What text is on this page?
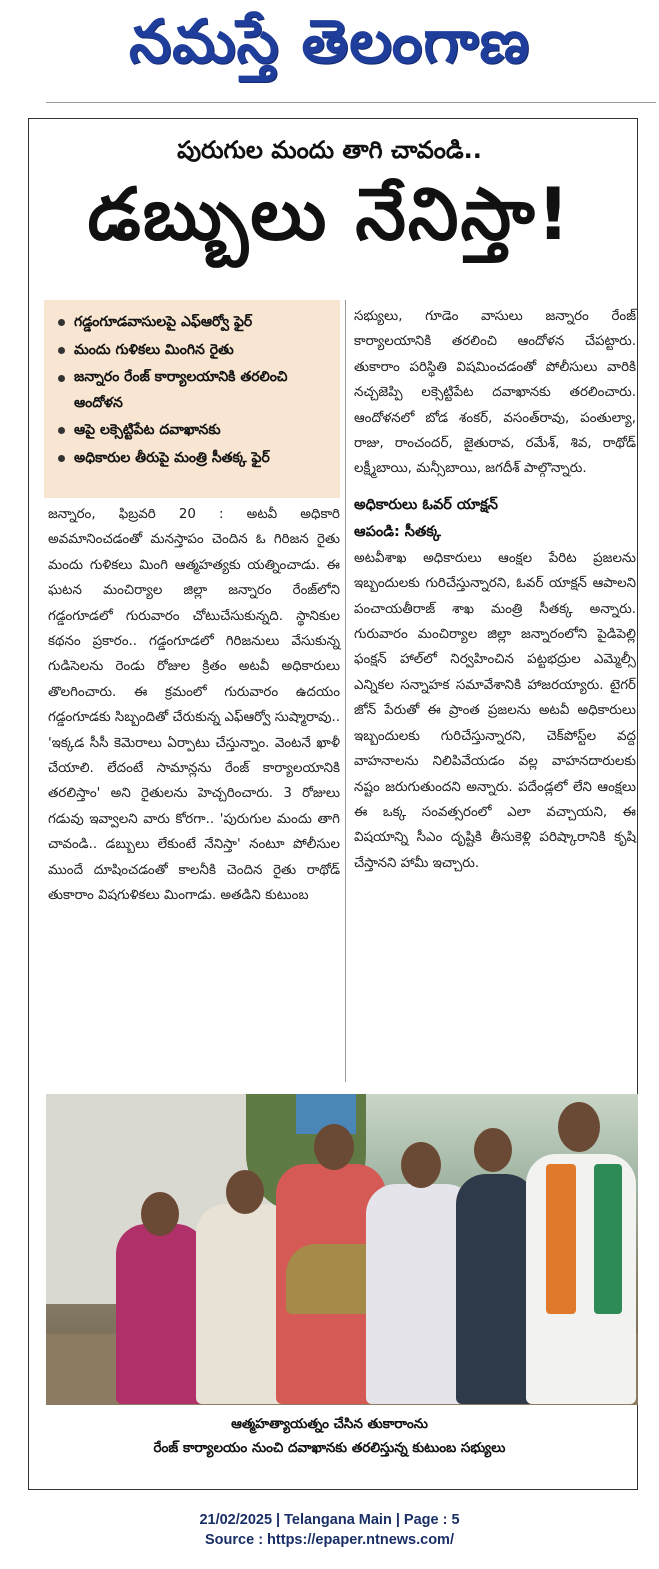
నమస్తే తెలంగాణ
పురుగుల మందు తాగి చావండి..
డబ్బులు నేనిస్తా!
గడ్డంగూడవాసులపై ఎఫ్‌ఆర్వో ఫైర్
మందు గుళికలు మింగిన రైతు
జన్నారం రేంజ్ కార్యాలయానికి తరలించి ఆందోళన
ఆపై లక్సెట్టిపేట దవాఖానకు
అధికారుల తీరుపై మంత్రి సీతక్క ఫైర్

జన్నారం, ఫిబ్రవరి 20 : అటవీ అధికారి అవమానించడంతో మనస్తాపం చెందిన ఓ గిరిజన రైతు మందు గుళికలు మింగి ఆత్మహత్యకు యత్నించాడు. ఈ ఘటన మంచిర్యాల జిల్లా జన్నారం రేంజ్‌లోని గడ్డంగూడలో గురువారం చోటుచేసుకున్నది. స్థానికుల కథనం ప్రకారం.. గడ్డంగూడలో గిరిజనులు వేసుకున్న గుడిసెలను రెండు రోజుల క్రితం అటవీ అధికారులు తొలగించారు. ఈ క్రమంలో గురువారం ఉదయం గడ్డంగూడకు సిబ్బందితో చేరుకున్న ఎఫ్‌ఆర్వో సుష్మారావు.. 'ఇక్కడ సీసీ కెమెరాలు ఏర్పాటు చేస్తున్నాం. వెంటనే ఖాళీ చేయాలి. లేదంటే సామాన్లను రేంజ్ కార్యాలయానికి తరలిస్తాం' అని రైతులను హెచ్చరించారు. 3 రోజులు గడువు ఇవ్వాలని వారు కోరగా.. 'పురుగుల మందు తాగి చావండి.. డబ్బులు లేకుంటే నేనిస్తా' నంటూ పోలీసుల ముందే దూషించడంతో కాలనీకి చెందిన రైతు రాథోడ్ తుకారాం విషగుళికలు మింగాడు. అతడిని కుటుంబ

సభ్యులు, గూడెం వాసులు జన్నారం రేంజ్ కార్యాలయానికి తరలించి ఆందోళన చేపట్టారు. తుకారాం పరిస్థితి విషమించడంతో పోలీసులు వారికి నచ్చజెప్పి లక్సెట్టిపేట దవాఖానకు తరలించారు. ఆందోళనలో బోడ శంకర్, వసంత్‌రావు, పంతుల్యా, రాజు, రాంచందర్, జైతురావ, రమేశ్, శివ, రాథోడ్ లక్ష్మీబాయి, మన్సీబాయి, జగదీశ్ పాల్గొన్నారు.

అధికారులు ఓవర్ యాక్షన్
ఆపండి: సీతక్క

అటవీశాఖ అధికారులు ఆంక్షల పేరిట ప్రజలను ఇబ్బందులకు గురిచేస్తున్నారని, ఓవర్ యాక్షన్ ఆపాలని పంచాయతీరాజ్ శాఖ మంత్రి సీతక్క అన్నారు. గురువారం మంచిర్యాల జిల్లా జన్నారంలోని పైడిపెల్లి ఫంక్షన్ హాల్‌లో నిర్వహించిన పట్టభద్రుల ఎమ్మెల్సీ ఎన్నికల సన్నాహక సమావేశానికి హాజరయ్యారు. టైగర్ జోన్ పేరుతో ఈ ప్రాంత ప్రజలను అటవీ అధికారులు ఇబ్బందులకు గురిచేస్తున్నారని, చెక్‌పోస్ట్‌ల వద్ద వాహనాలను నిలిపివేయడం వల్ల వాహనదారులకు నష్టం జరుగుతుందని అన్నారు. పదేండ్లలో లేని ఆంక్షలు ఈ ఒక్క సంవత్సరంలో ఎలా వచ్చాయని, ఈ విషయాన్ని సీఎం దృష్టికి తీసుకెళ్లి పరిష్కారానికి కృషి చేస్తానని హామీ ఇచ్చారు.

ఆత్మహత్యాయత్నం చేసిన తుకారాంను
రేంజ్ కార్యాలయం నుంచి దవాఖానకు తరలిస్తున్న కుటుంబ సభ్యులు
21/02/2025 | Telangana Main | Page : 5
Source : https://epaper.ntnews.com/
